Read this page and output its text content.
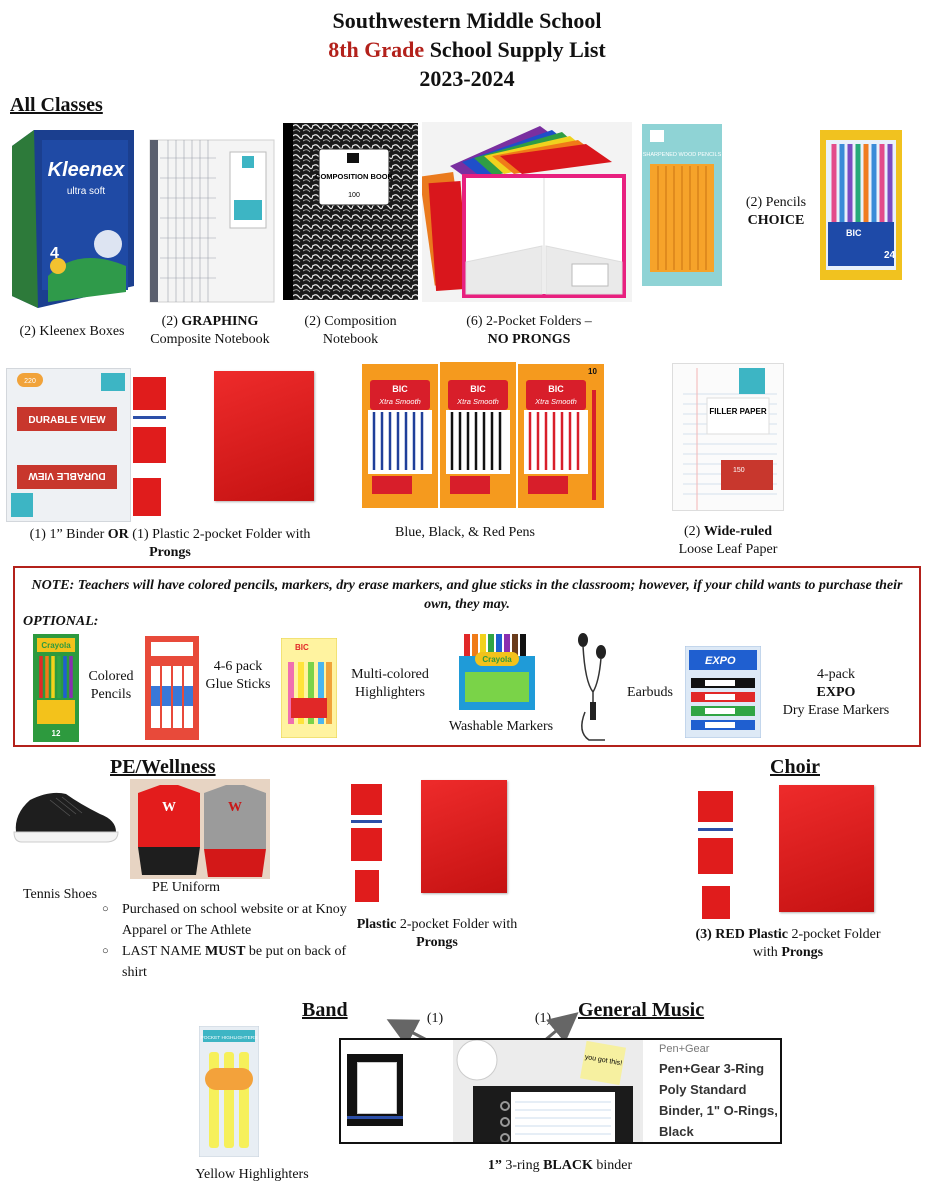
Southwestern Middle School
8th Grade School Supply List
2023-2024
All Classes
Kleenex
ultra soft
4
(2) Kleenex Boxes
(2) GRAPHING
Composite Notebook
COMPOSITION BOOK
100
(2) Composition Notebook
(6) 2-Pocket Folders –
NO PRONGS
SHARPENED WOOD PENCILS
(2) Pencils
CHOICE
BIC
24
220
DURABLE VIEW
DURABLE VIEW
(1) 1” Binder OR (1) Plastic 2-pocket Folder with Prongs
BIC
Xtra Smooth
BIC
Xtra Smooth
BIC
Xtra Smooth
10
Blue, Black, & Red Pens
FILLER PAPER
150
(2) Wide-ruled
Loose Leaf Paper
NOTE: Teachers will have colored pencils, markers, dry erase markers, and glue sticks in the classroom; however, if your child wants to purchase their own, they may.
OPTIONAL:
Crayola
12
Colored Pencils
4-6 pack Glue Sticks
BIC
Multi-colored Highlighters
Crayola
Washable Markers
Earbuds
EXPO
4-pack
EXPO
Dry Erase Markers
PE/Wellness
Tennis Shoes
W	W
PE Uniform
○ Purchased on school website or at Knoy Apparel or The Athlete
○ LAST NAME MUST be put on back of shirt
Plastic 2-pocket Folder with Prongs
Choir
(3) RED Plastic 2-pocket Folder with Prongs
Band	General Music
(1)	(1)
POCKET HIGHLIGHTERS
Yellow Highlighters
you got this!
Pen+Gear
Pen+Gear 3-Ring Poly Standard Binder, 1" O-Rings, Black
1” 3-ring BLACK binder
